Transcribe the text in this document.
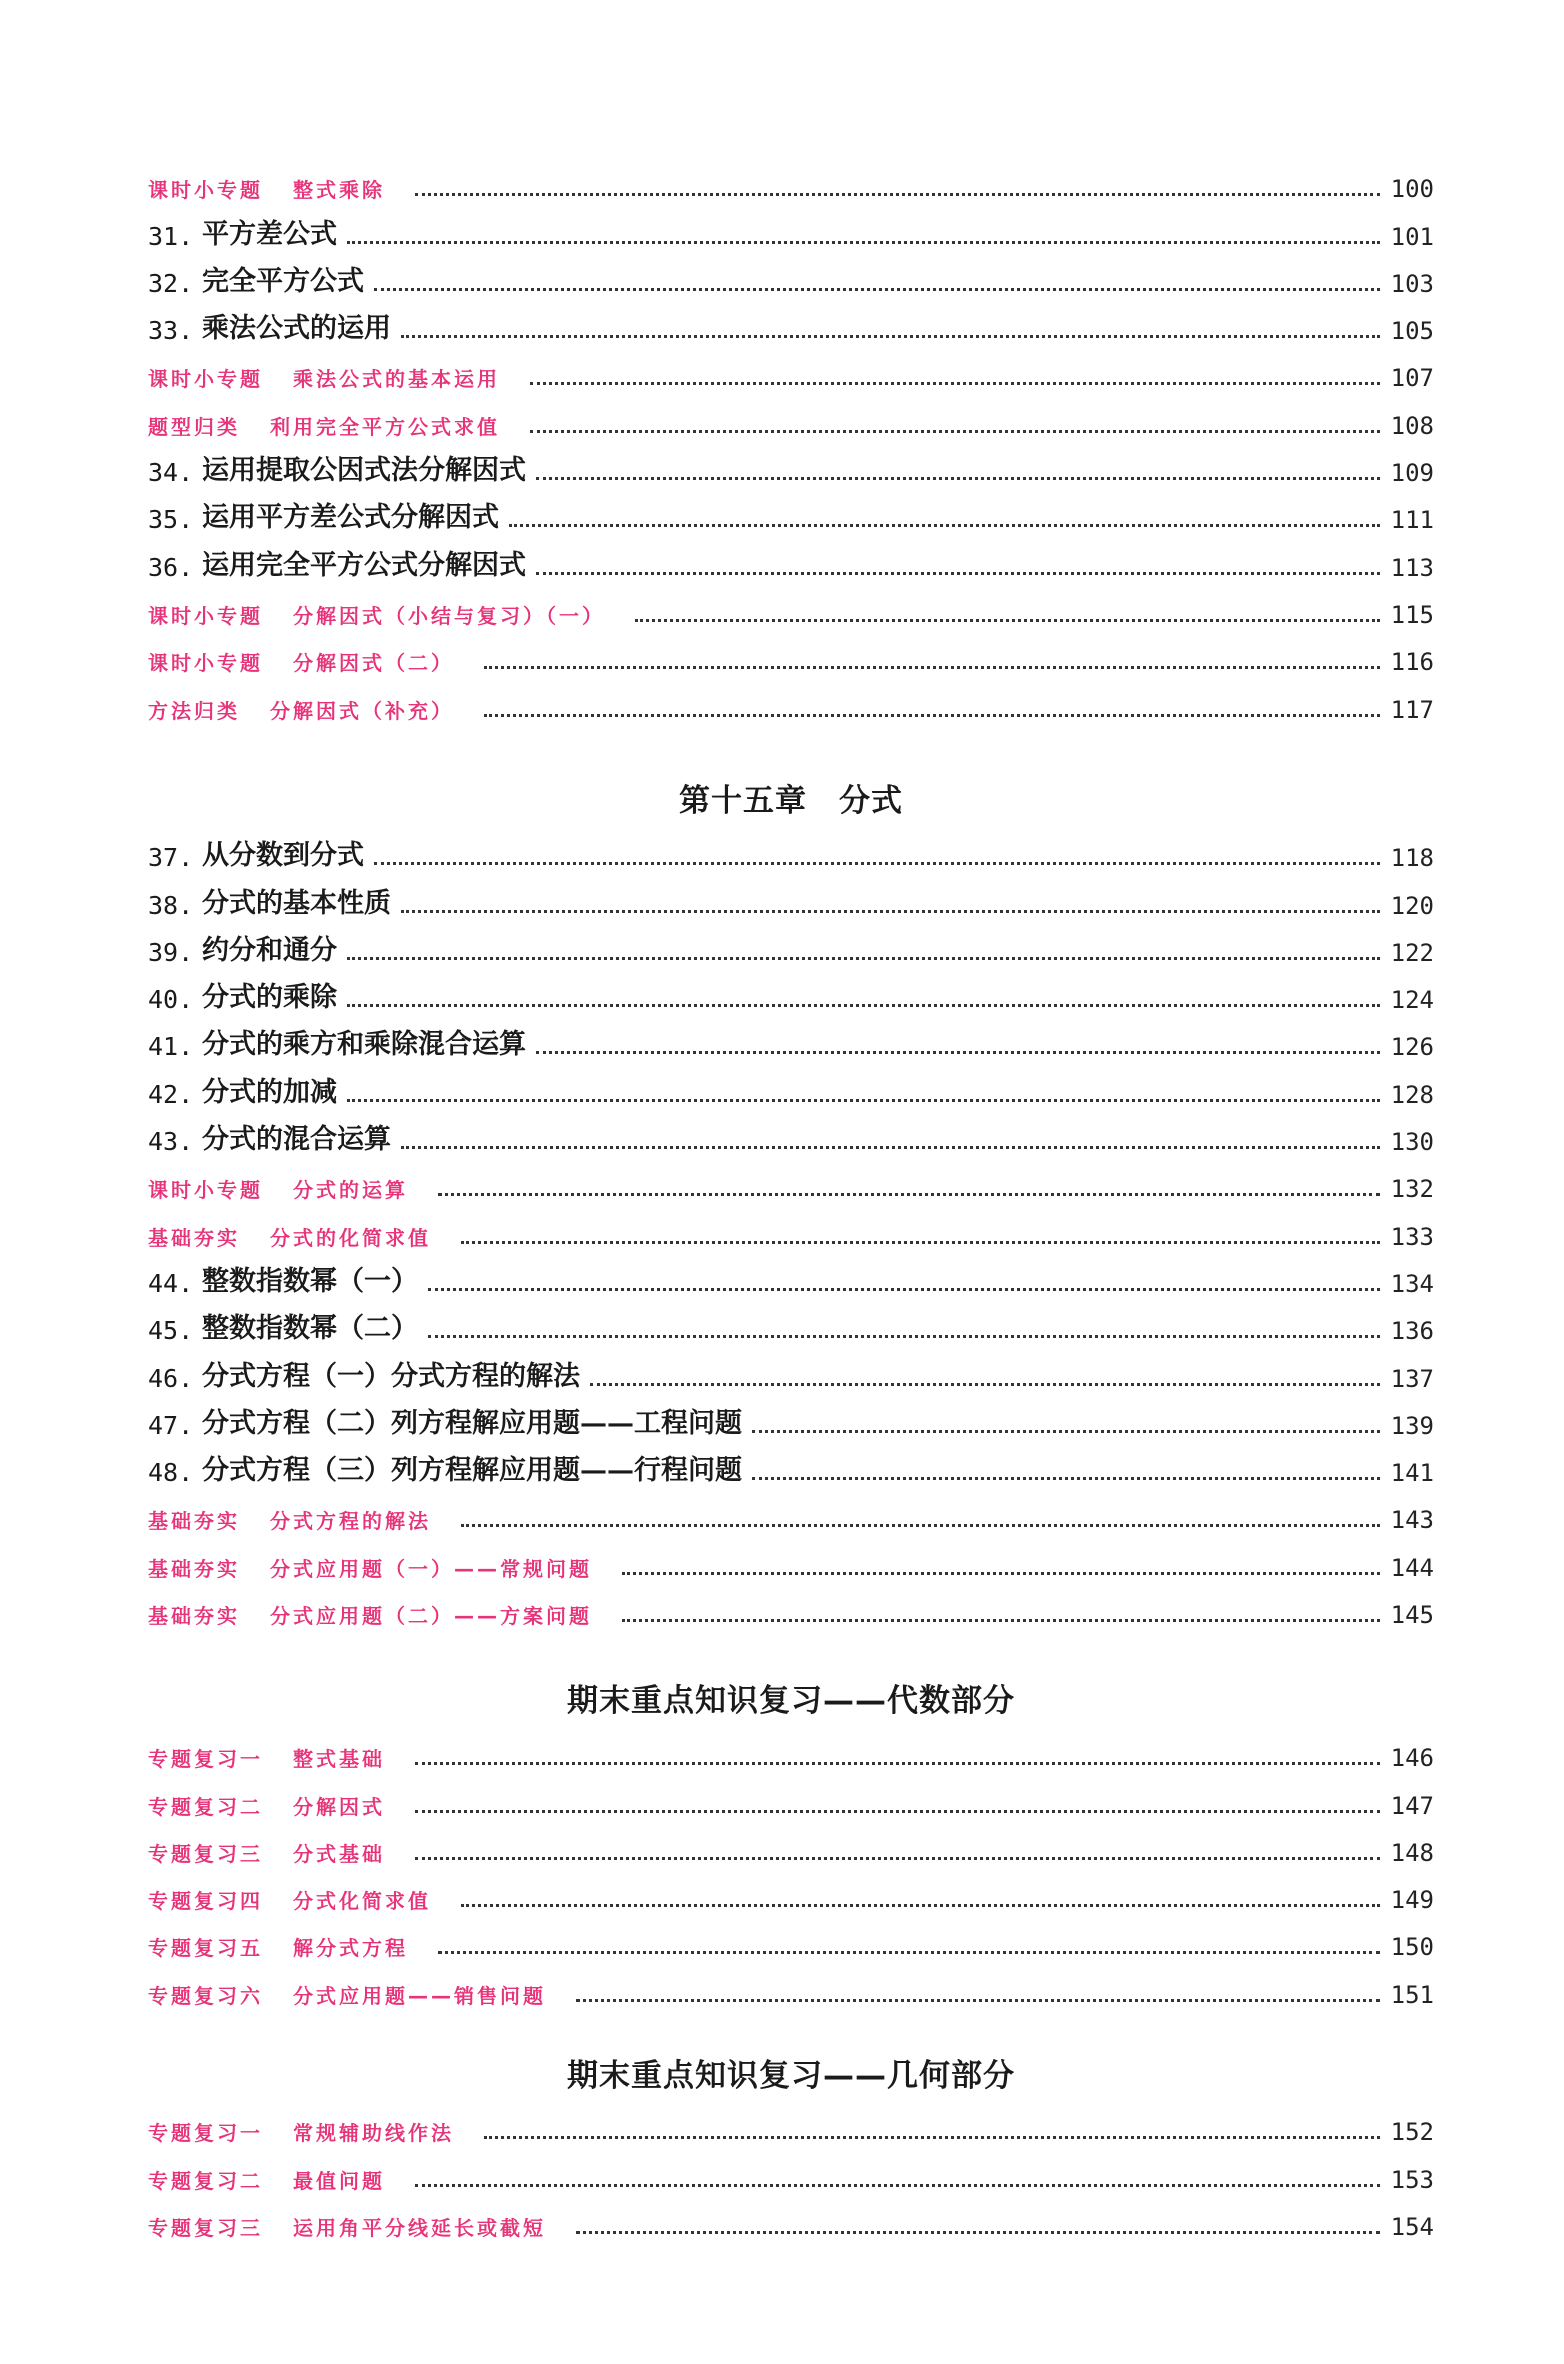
课时小专题 整式乘除	100
31. 平方差公式	101
32. 完全平方公式	103
33. 乘法公式的运用	105
课时小专题 乘法公式的基本运用	107
题型归类 利用完全平方公式求值	108
34. 运用提取公因式法分解因式	109
35. 运用平方差公式分解因式	111
36. 运用完全平方公式分解因式	113
课时小专题 分解因式（小结与复习）（一）	115
课时小专题 分解因式（二）	116
方法归类 分解因式（补充）	117
第十五章　分式
37. 从分数到分式	118
38. 分式的基本性质	120
39. 约分和通分	122
40. 分式的乘除	124
41. 分式的乘方和乘除混合运算	126
42. 分式的加减	128
43. 分式的混合运算	130
课时小专题 分式的运算	132
基础夯实 分式的化简求值	133
44. 整数指数幂（一）	134
45. 整数指数幂（二）	136
46. 分式方程（一）分式方程的解法	137
47. 分式方程（二）列方程解应用题——工程问题	139
48. 分式方程（三）列方程解应用题——行程问题	141
基础夯实 分式方程的解法	143
基础夯实 分式应用题（一）——常规问题	144
基础夯实 分式应用题（二）——方案问题	145
期末重点知识复习——代数部分
专题复习一 整式基础	146
专题复习二 分解因式	147
专题复习三 分式基础	148
专题复习四 分式化简求值	149
专题复习五 解分式方程	150
专题复习六 分式应用题——销售问题	151
期末重点知识复习——几何部分
专题复习一 常规辅助线作法	152
专题复习二 最值问题	153
专题复习三 运用角平分线延长或截短	154
